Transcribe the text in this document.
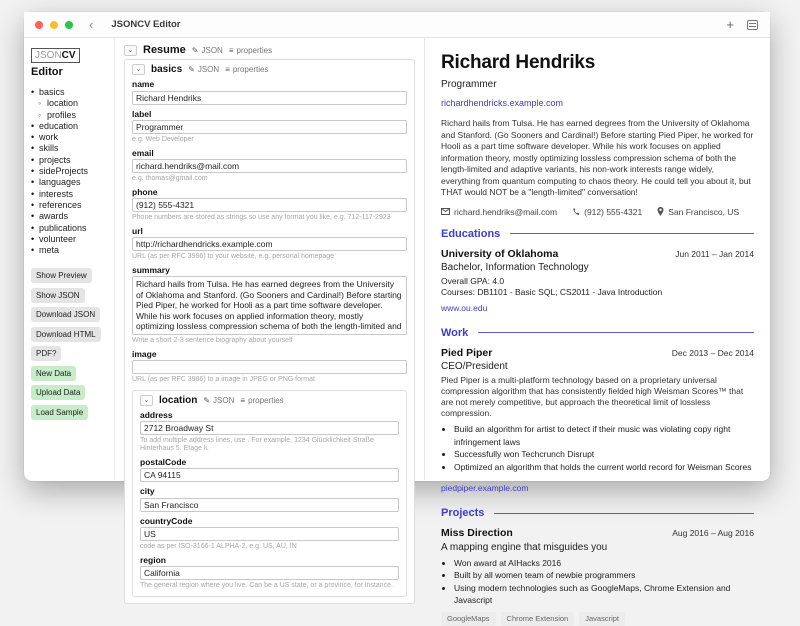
‹ JSONCV Editor	+
JSONCV
Editor
• basics
◦ location
◦ profiles
• education
• work
• skills
• projects
• sideProjects
• languages
• interests
• references
• awards
• publications
• volunteer
• meta
Show Preview
Show JSON
Download JSON
Download HTML
PDF?
New Data
Upload Data
Load Sample
⌄ Resume ✎ JSON ≡ properties
⌄ basics ✎ JSON ≡ properties
name
Richard Hendriks
label
Programmer
e.g. Web Developer
email
richard.hendriks@mail.com
e.g. thomas@gmail.com
phone
(912) 555-4321
Phone numbers are stored as strings so use any format you like, e.g. 712-117-2923
url
http://richardhendricks.example.com
URL (as per RFC 3986) to your website, e.g. personal homepage
summary
Richard hails from Tulsa. He has earned degrees from the University of Oklahoma and Stanford. (Go Sooners and Cardinal!) Before starting Pied Piper, he worked for Hooli as a part time software developer. While his work focuses on applied information theory, mostly optimizing lossless compression schema of both the length-limited and adaptive variants, his non-work interests range widely, everything from quantum computing to chaos theory. He could tell you about it, but THAT would NOT be a "length-limited" conversation!
Write a short 2-3 sentence biography about yourself
image
URL (as per RFC 3986) to a image in JPEG or PNG format
⌄ location ✎ JSON ≡ properties
address
2712 Broadway St
To add multiple address lines, use . For example, 1234 Glücklichkeit Straße Hinterhaus 5. Etage li.
postalCode
CA 94115
city
San Francisco
countryCode
US
code as per ISO-3166-1 ALPHA-2, e.g. US, AU, IN
region
California
The general region where you live. Can be a US state, or a province, for instance.
Richard Hendriks
Programmer
richardhendricks.example.com

Richard hails from Tulsa. He has earned degrees from the University of Oklahoma and Stanford. (Go Sooners and Cardinal!) Before starting Pied Piper, he worked for Hooli as a part time software developer. While his work focuses on applied information theory, mostly optimizing lossless compression schema of both the length-limited and adaptive variants, his non-work interests range widely, everything from quantum computing to chaos theory. He could tell you about it, but THAT would NOT be a "length-limited" conversation!

richard.hendriks@mail.com	(912) 555-4321	San Francisco, US
Educations
University of Oklahoma	Jun 2011 – Jan 2014
Bachelor, Information Technology
Overall GPA: 4.0
Courses: DB1101 - Basic SQL; CS2011 - Java Introduction
www.ou.edu
Work
Pied Piper	Dec 2013 – Dec 2014
CEO/President

Pied Piper is a multi-platform technology based on a proprietary universal compression algorithm that has consistently fielded high Weisman Scores™ that are not merely competitive, but approach the theoretical limit of lossless compression.

• Build an algorithm for artist to detect if their music was violating copy right infringement laws
• Successfully won Techcrunch Disrupt
• Optimized an algorithm that holds the current world record for Weisman Scores
piedpiper.example.com
Projects
Miss Direction	Aug 2016 – Aug 2016
A mapping engine that misguides you
• Won award at AIHacks 2016
• Built by all women team of newbie programmers
• Using modern technologies such as GoogleMaps, Chrome Extension and Javascript
GoogleMaps	Chrome Extension	Javascript
